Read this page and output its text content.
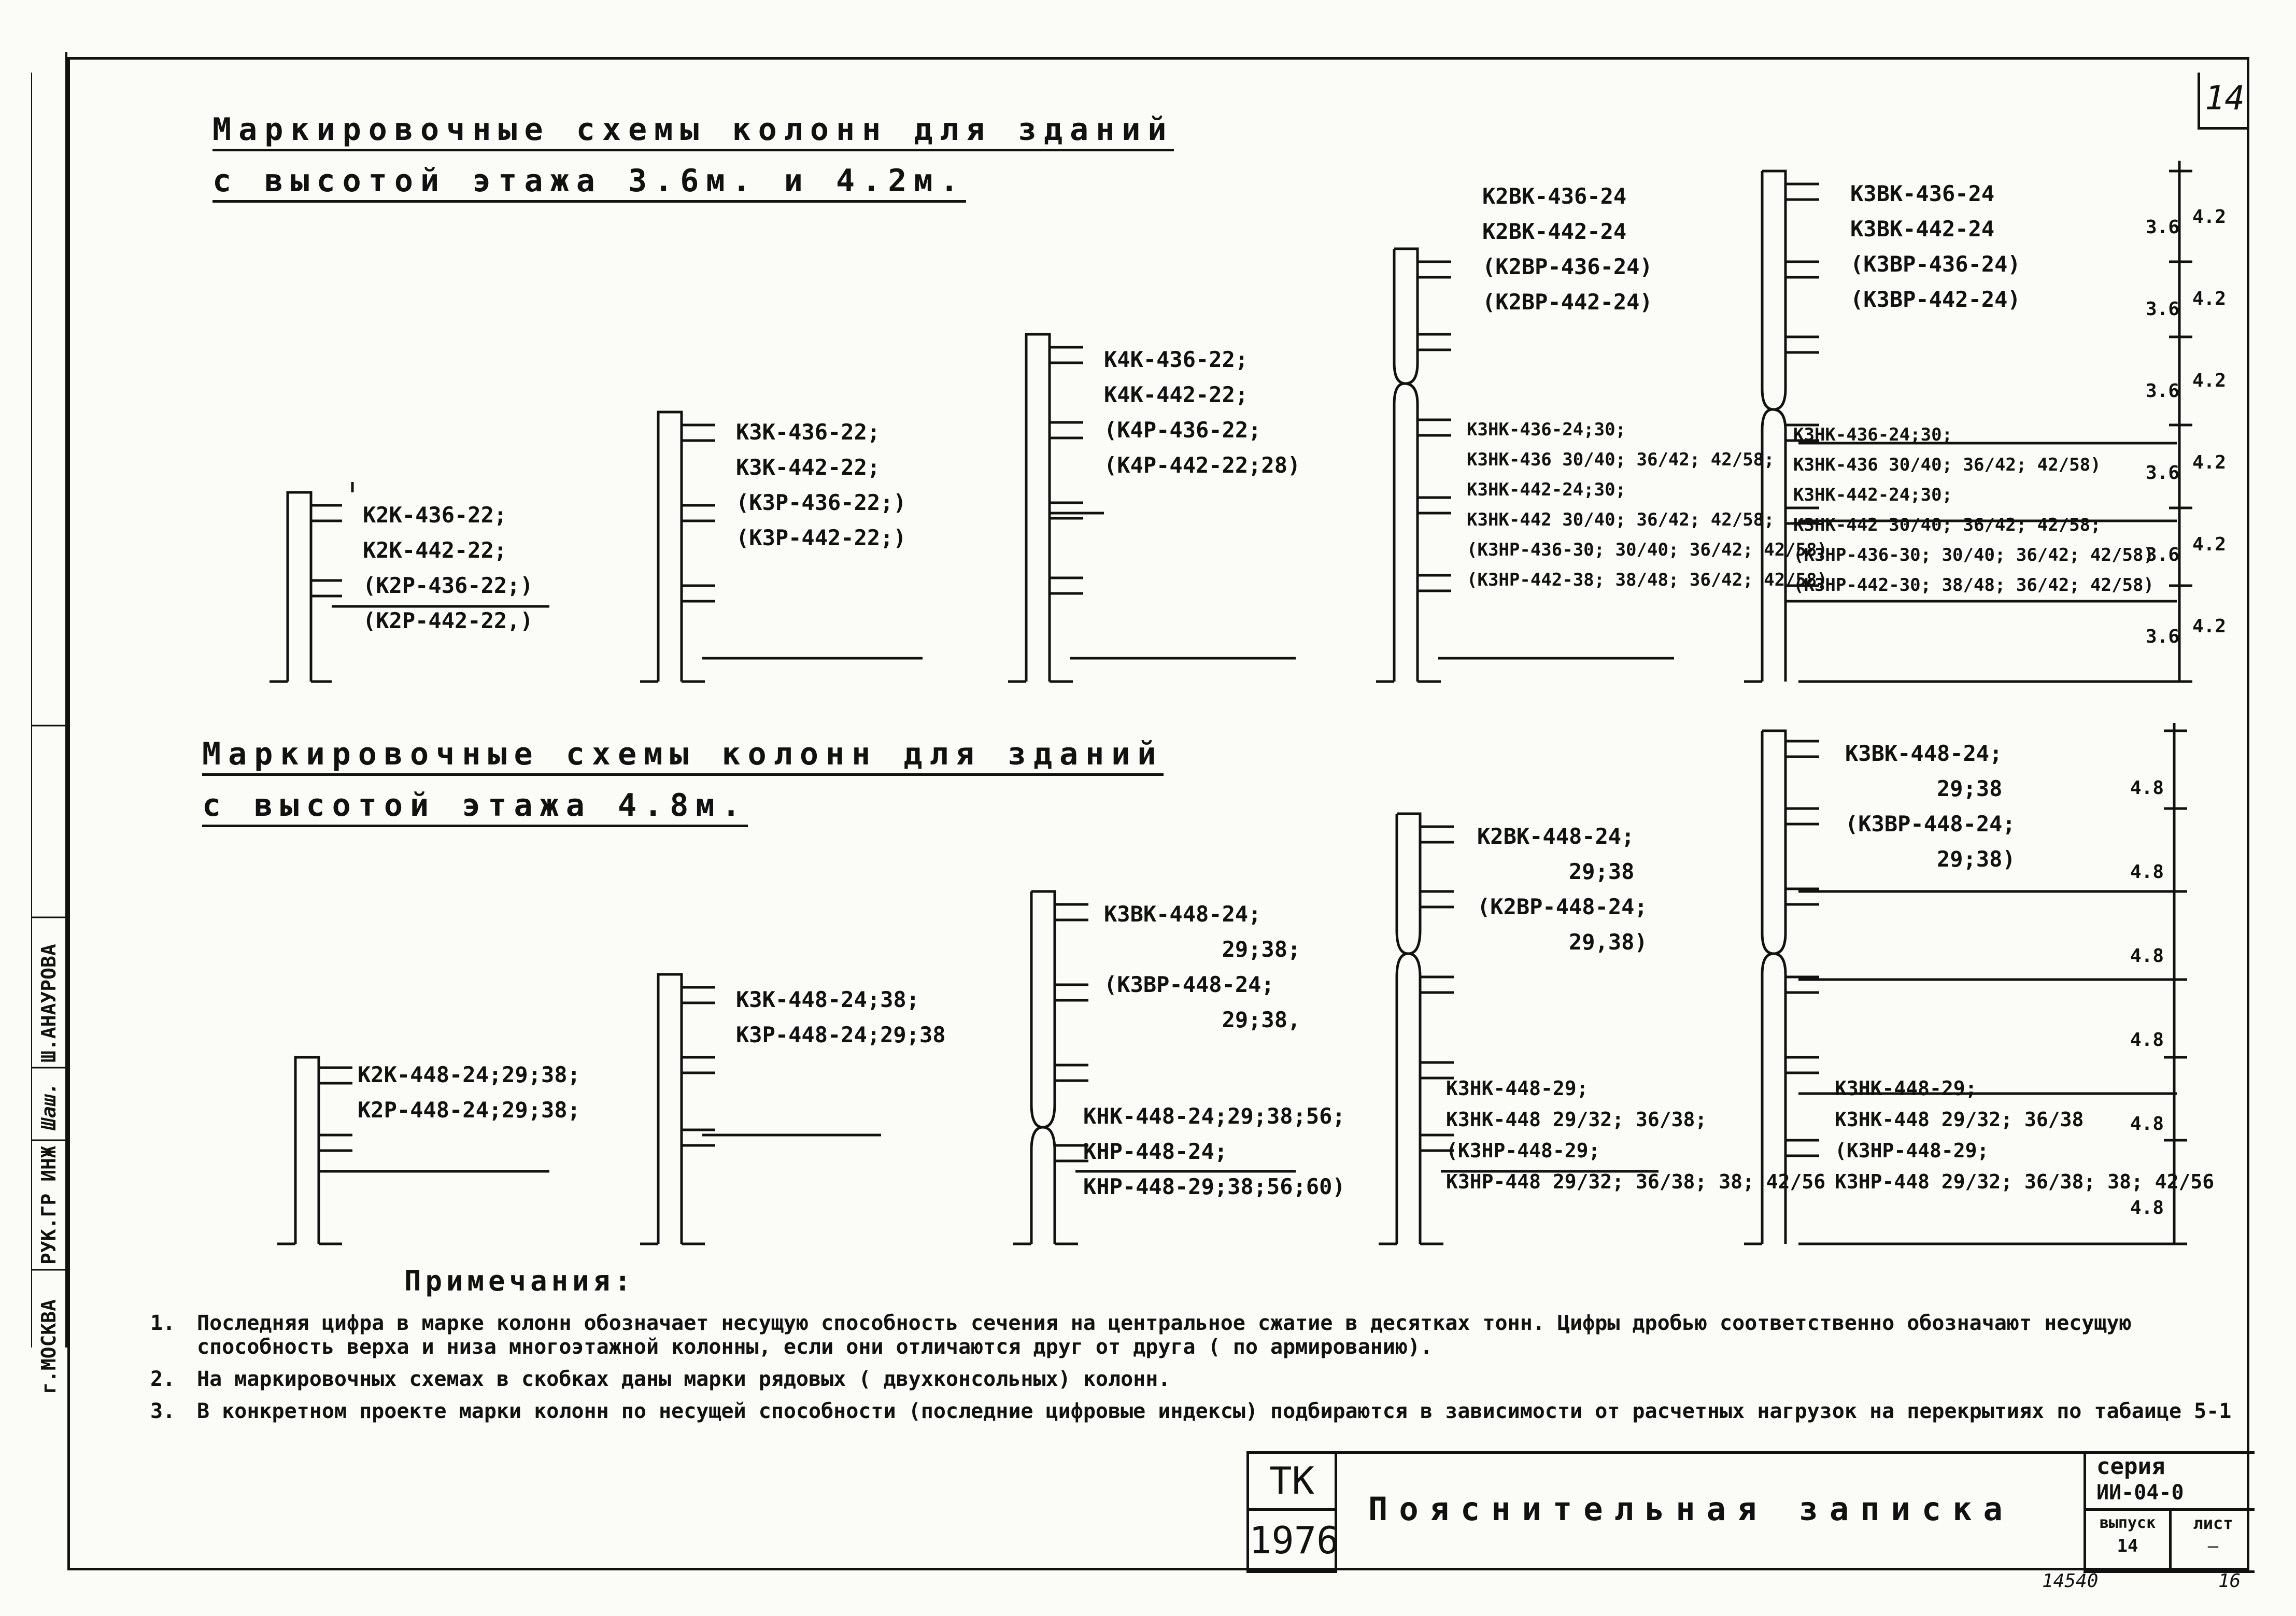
г.МОСКВА
РУК.ГР ИНЖ
Шаш.
Ш.АНАУРОВА
14
Маркировочные схемы колонн для зданий
с высотой этажа 3.6м. и 4.2м.
Маркировочные схемы колонн для зданий
с высотой этажа 4.8м.
К2К-436-22;
К2К-442-22;
(К2Р-436-22;)
(К2Р-442-22,)
К3К-436-22;
К3К-442-22;
(К3Р-436-22;)
(К3Р-442-22;)
К4К-436-22;
К4К-442-22;
(К4Р-436-22;
(К4Р-442-22;28)
К2ВК-436-24
К2ВК-442-24
(К2ВР-436-24)
(К2ВР-442-24)
К3НК-436-24;30;
К3НК-436 30/40; 36/42; 42/58;
К3НК-442-24;30;
К3НК-442 30/40; 36/42; 42/58;
(К3НР-436-30; 30/40; 36/42; 42/58)
(К3НР-442-38; 38/48; 36/42; 42/58)
К3ВК-436-24
К3ВК-442-24
(К3ВР-436-24)
(К3ВР-442-24)
К3НК-436-24;30;
К3НК-436 30/40; 36/42; 42/58)
К3НК-442-24;30;
К3НК-442 30/40; 36/42; 42/58;
(К3НР-436-30; 30/40; 36/42; 42/58)
(К3НР-442-30; 38/48; 36/42; 42/58)
3.6
3.6
3.6
3.6
3.6
3.6
4.2
4.2
4.2
4.2
4.2
4.2
К2К-448-24;29;38;
К2Р-448-24;29;38;
К3К-448-24;38;
К3Р-448-24;29;38
К3ВК-448-24;
29;38;
(К3ВР-448-24;
29;38,
КНК-448-24;29;38;56;
КНР-448-24;
КНР-448-29;38;56;60)
К2ВК-448-24;
29;38
(К2ВР-448-24;
29,38)
К3НК-448-29;
К3НК-448 29/32; 36/38;
(К3НР-448-29;
К3НР-448 29/32; 36/38; 38; 42/56
К3ВК-448-24;
29;38
(К3ВР-448-24;
29;38)
К3НК-448-29;
К3НК-448 29/32; 36/38
(К3НР-448-29;
К3НР-448 29/32; 36/38; 38; 42/56
4.8
4.8
4.8
4.8
4.8
4.8
Примечания:
1.	Последняя цифра в марке колонн обозначает несущую способность сечения на центральное сжатие в десятках тонн. Цифры дробью соответственно обозначают несущую способность верха и низа многоэтажной колонны, если они отличаются друг от друга ( по армированию).
2.	На маркировочных схемах в скобках даны марки рядовых ( двухконсольных) колонн.
3.	В конкретном проекте марки колонн по несущей способности (последние цифровые индексы) подбираются в зависимости от расчетных нагрузок на перекрытиях по табаице 5-1
ТК
1976
Пояснительная записка
серия
ИИ-04-0
выпуск
14
лист
—
14540	16
